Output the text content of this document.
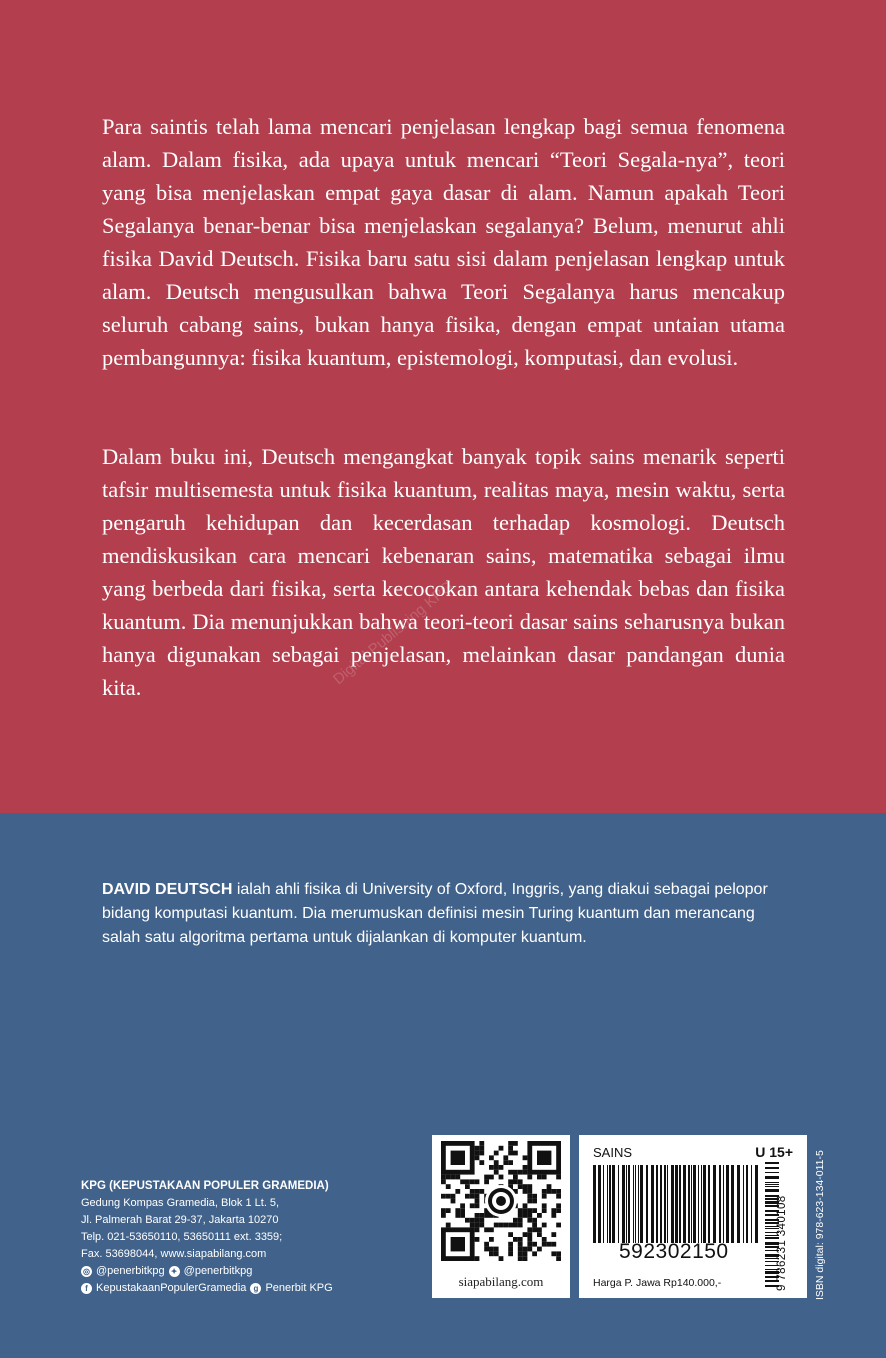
Para saintis telah lama mencari penjelasan lengkap bagi semua fenomena alam. Dalam fisika, ada upaya untuk mencari “Teori Segala-nya”, teori yang bisa menjelaskan empat gaya dasar di alam. Namun apakah Teori Segalanya benar-benar bisa menjelaskan segalanya? Belum, menurut ahli fisika David Deutsch. Fisika baru satu sisi dalam penjelasan lengkap untuk alam. Deutsch mengusulkan bahwa Teori Segalanya harus mencakup seluruh cabang sains, bukan hanya fisika, dengan empat untaian utama pembangunnya: fisika kuantum, epistemologi, komputasi, dan evolusi.

Dalam buku ini, Deutsch mengangkat banyak topik sains menarik seperti tafsir multisemesta untuk fisika kuantum, realitas maya, mesin waktu, serta pengaruh kehidupan dan kecerdasan terhadap kosmologi. Deutsch mendiskusikan cara mencari kebenaran sains, matematika sebagai ilmu yang berbeda dari fisika, serta kecocokan antara kehendak bebas dan fisika kuantum. Dia menunjukkan bahwa teori-teori dasar sains seharusnya bukan hanya digunakan sebagai penjelasan, melainkan dasar pandangan dunia kita.	Digital Publishing KPG

DAVID DEUTSCH ialah ahli fisika di University of Oxford, Inggris, yang diakui sebagai pelopor bidang komputasi kuantum. Dia merumuskan definisi mesin Turing kuantum dan merancang salah satu algoritma pertama untuk dijalankan di komputer kuantum.

KPG (KEPUSTAKAAN POPULER GRAMEDIA)
Gedung Kompas Gramedia, Blok 1 Lt. 5,
Jl. Palmerah Barat 29-37, Jakarta 10270
Telp. 021-53650110, 53650111 ext. 3359;
Fax. 53698044, www.siapabilang.com
◎ @penerbitkpg ✦ @penerbitkpg
f KepustakaanPopulerGramedia g Penerbit KPG	siapabilang.com
SAINS	U 15+
592302150
Harga P. Jawa Rp140.000,-	9 786231 340108 ISBN digital: 978-623-134-011-5
